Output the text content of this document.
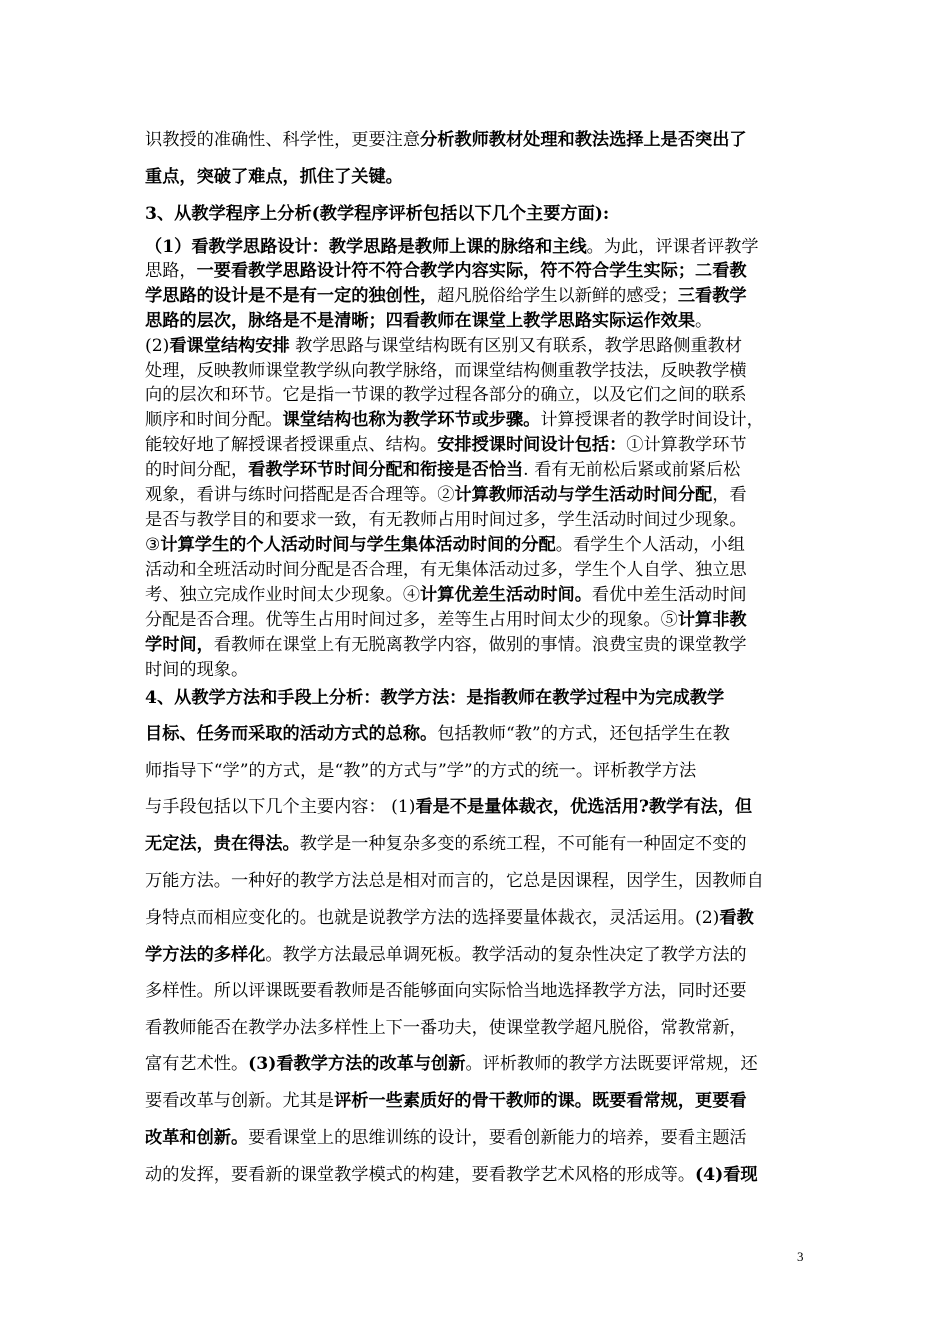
识教授的准确性、科学性，更要注意分析教师教材处理和教法选择上是否突出了
重点，突破了难点，抓住了关键。
3、从教学程序上分析(教学程序评析包括以下几个主要方面):
（1）看教学思路设计：教学思路是教师上课的脉络和主线。为此，评课者评教学
思路，一要看教学思路设计符不符合教学内容实际，符不符合学生实际；二看教
学思路的设计是不是有一定的独创性，超凡脱俗给学生以新鲜的感受；三看教学
思路的层次，脉络是不是清晰；四看教师在课堂上教学思路实际运作效果。
(2)看课堂结构安排 教学思路与课堂结构既有区别又有联系，教学思路侧重教材
处理，反映教师课堂教学纵向教学脉络，而课堂结构侧重教学技法，反映教学横
向的层次和环节。它是指一节课的教学过程各部分的确立，以及它们之间的联系
顺序和时间分配。课堂结构也称为教学环节或步骤。计算授课者的教学时间设计，
能较好地了解授课者授课重点、结构。安排授课时间设计包括：①计算教学环节
的时间分配，看教学环节时间分配和衔接是否恰当. 看有无前松后紧或前紧后松
观象，看讲与练时问搭配是否合理等。②计算教师活动与学生活动时间分配，看
是否与教学目的和要求一致，有无教师占用时间过多，学生活动时间过少现象。
③计算学生的个人活动时间与学生集体活动时间的分配。看学生个人活动，小组
活动和全班活动时间分配是否合理，有无集体活动过多，学生个人自学、独立思
考、独立完成作业时间太少现象。④计算优差生活动时间。看优中差生活动时间
分配是否合理。优等生占用时间过多，差等生占用时间太少的现象。⑤计算非教
学时间，看教师在课堂上有无脱离教学内容，做别的事情。浪费宝贵的课堂教学
时间的现象。
4、从教学方法和手段上分析：教学方法：是指教师在教学过程中为完成教学
目标、任务而采取的活动方式的总称。包括教师“教”的方式，还包括学生在教
师指导下“学”的方式，是“教”的方式与”学”的方式的统一。评析教学方法
与手段包括以下几个主要内容： (1)看是不是量体裁衣，优选活用?教学有法，但
无定法，贵在得法。教学是一种复杂多变的系统工程，不可能有一种固定不变的
万能方法。一种好的教学方法总是相对而言的，它总是因课程，因学生，因教师自
身特点而相应变化的。也就是说教学方法的选择要量体裁衣，灵活运用。(2)看教
学方法的多样化。教学方法最忌单调死板。教学活动的复杂性决定了教学方法的
多样性。所以评课既要看教师是否能够面向实际恰当地选择教学方法，同时还要
看教师能否在教学办法多样性上下一番功夫，使课堂教学超凡脱俗，常教常新，
富有艺术性。(3)看教学方法的改革与创新。评析教师的教学方法既要评常规，还
要看改革与创新。尤其是评析一些素质好的骨干教师的课。既要看常规，更要看
改革和创新。要看课堂上的思维训练的设计，要看创新能力的培养，要看主题活
动的发挥，要看新的课堂教学模式的构建，要看教学艺术风格的形成等。(4)看现
3
